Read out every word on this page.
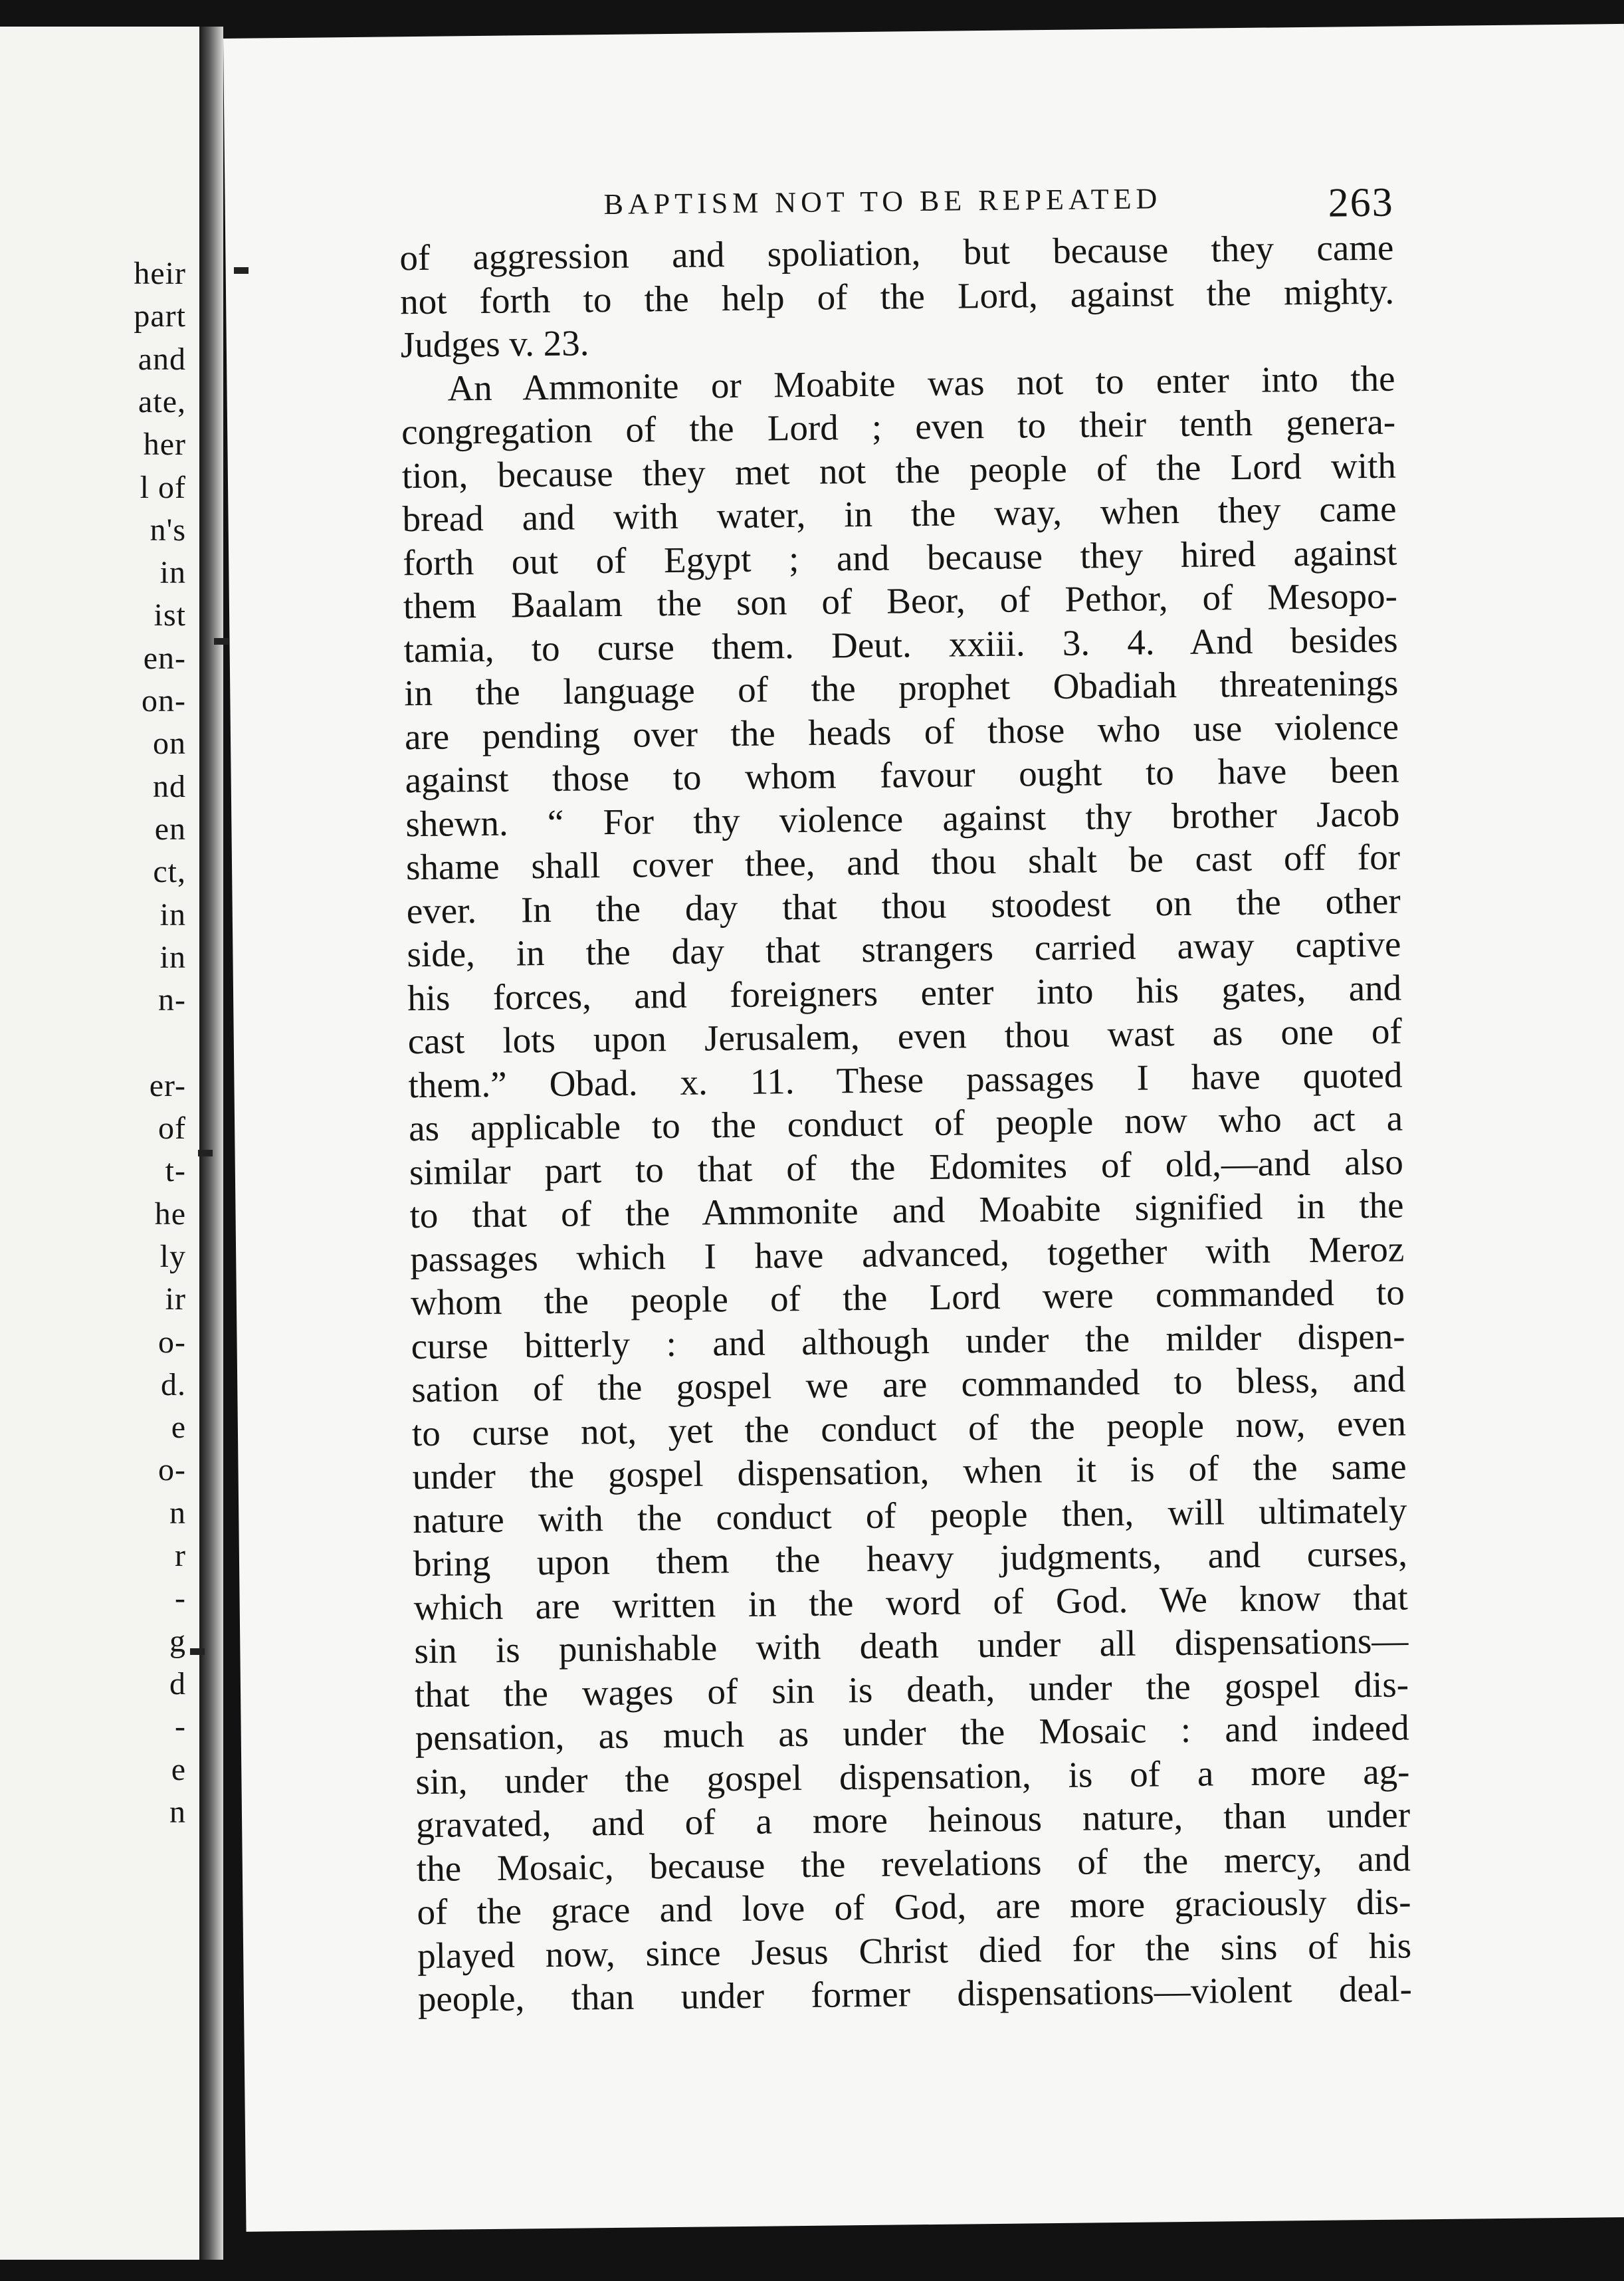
heir
part
and
ate,
her
l of
n's
in
ist
en-
on-
on
nd
en
ct,
in
in
n-
er-
of
t-
he
ly
ir
o-
d.
e
o-
n
r
-
g
d
-
e
n
BAPTISM NOT TO BE REPEATED	263
of aggression and spoliation, but because they came
not forth to the help of the Lord, against the mighty.
Judges v. 23.
An Ammonite or Moabite was not to enter into the
congregation of the Lord ; even to their tenth genera-
tion, because they met not the people of the Lord with
bread and with water, in the way, when they came
forth out of Egypt ; and because they hired against
them Baalam the son of Beor, of Pethor, of Mesopo-
tamia, to curse them. Deut. xxiii. 3. 4. And besides
in the language of the prophet Obadiah threatenings
are pending over the heads of those who use violence
against those to whom favour ought to have been
shewn. “ For thy violence against thy brother Jacob
shame shall cover thee, and thou shalt be cast off for
ever. In the day that thou stoodest on the other
side, in the day that strangers carried away captive
his forces, and foreigners enter into his gates, and
cast lots upon Jerusalem, even thou wast as one of
them.” Obad. x. 11. These passages I have quoted
as applicable to the conduct of people now who act a
similar part to that of the Edomites of old,—and also
to that of the Ammonite and Moabite signified in the
passages which I have advanced, together with Meroz
whom the people of the Lord were commanded to
curse bitterly : and although under the milder dispen-
sation of the gospel we are commanded to bless, and
to curse not, yet the conduct of the people now, even
under the gospel dispensation, when it is of the same
nature with the conduct of people then, will ultimately
bring upon them the heavy judgments, and curses,
which are written in the word of God. We know that
sin is punishable with death under all dispensations—
that the wages of sin is death, under the gospel dis-
pensation, as much as under the Mosaic : and indeed
sin, under the gospel dispensation, is of a more ag-
gravated, and of a more heinous nature, than under
the Mosaic, because the revelations of the mercy, and
of the grace and love of God, are more graciously dis-
played now, since Jesus Christ died for the sins of his
people, than under former dispensations—violent deal-
